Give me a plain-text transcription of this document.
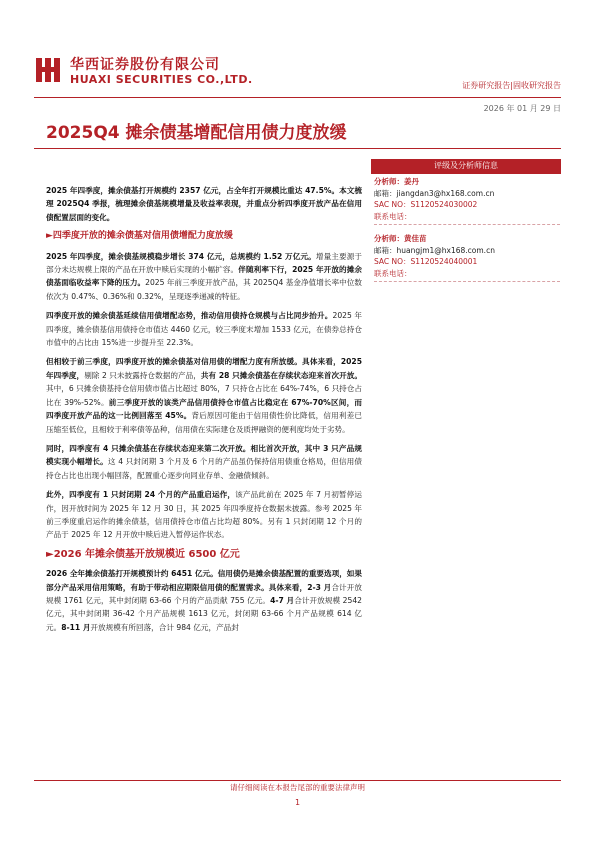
华西证券股份有限公司
HUAXI SECURITIES CO.,LTD.	证券研究报告|固收研究报告
2026 年 01 月 29 日
2025Q4 摊余债基增配信用债力度放缓
评级及分析师信息
分析师：姜丹
邮箱：jiangdan3@hx168.com.cn
SAC NO：S1120524030002
联系电话：
分析师：黄佳苗
邮箱：huangjm1@hx168.com.cn
SAC NO：S1120524040001
联系电话：

2025 年四季度，摊余债基打开规模约 2357 亿元，占全年打开规模比重达 47.5%。本文梳理 2025Q4 季报，梳理摊余债基规模增量及收益率表现，并重点分析四季度开放产品在信用债配置层面的变化。

►四季度开放的摊余债基对信用债增配力度放缓

2025 年四季度，摊余债基规模稳步增长 374 亿元，总规模约 1.52 万亿元。增量主要源于部分未达规模上限的产品在开放中赎后实现的小幅扩容。伴随利率下行，2025 年开放的摊余债基面临收益率下降的压力。2025 年前三季度开放产品，其 2025Q4 基金净值增长率中位数依次为 0.47%、0.36%和 0.32%，呈现逐季递减的特征。

四季度开放的摊余债基延续信用债增配态势，推动信用债持仓规模与占比同步抬升。2025 年四季度，摊余债基信用债持仓市值达 4460 亿元，较三季度末增加 1533 亿元，在债券总持仓市值中的占比由 15%进一步提升至 22.3%。

但相较于前三季度，四季度开放的摊余债基对信用债的增配力度有所放缓。具体来看，2025 年四季度，剔除 2 只未披露持仓数据的产品，共有 28 只摊余债基在存续状态迎来首次开放。其中，6 只摊余债基持仓信用债市值占比超过 80%，7 只持仓占比在 64%-74%，6 只持仓占比在 39%-52%。前三季度开放的该类产品信用债持仓市值占比稳定在 67%-70%区间，而四季度开放产品的这一比例回落至 45%。背后原因可能由于信用债性价比降低，信用利差已压缩至低位，且相较于利率债等品种，信用债在实际建仓及质押融资的便利度均处于劣势。

同时，四季度有 4 只摊余债基在存续状态迎来第二次开放。相比首次开放，其中 3 只产品规模实现小幅增长。这 4 只封闭期 3 个月及 6 个月的产品虽仍保持信用债重仓格局，但信用债持仓占比也出现小幅回落，配置重心逐步向同业存单、金融债倾斜。

此外，四季度有 1 只封闭期 24 个月的产品重启运作，该产品此前在 2025 年 7 月初暂停运作，因开放时间为 2025 年 12 月 30 日，其 2025 年四季度持仓数据未披露。参考 2025 年前三季度重启运作的摊余债基，信用债持仓市值占比均超 80%。另有 1 只封闭期 12 个月的产品于 2025 年 12 月开放中赎后进入暂停运作状态。

►2026 年摊余债基开放规模近 6500 亿元

2026 全年摊余债基打开规模预计约 6451 亿元。信用债仍是摊余债基配置的重要选项，如果部分产品采用信用策略，有助于带动相应期限信用债的配置需求。具体来看，2-3 月合计开放规模 1761 亿元，其中封闭期 63-66 个月的产品贡献 755 亿元。4-7 月合计开放规模 2542 亿元，其中封闭期 36-42 个月产品规模 1613 亿元，封闭期 63-66 个月产品规模 614 亿元。8-11 月开放规模有所回落，合计 984 亿元，产品封

请仔细阅读在本报告尾部的重要法律声明
1
